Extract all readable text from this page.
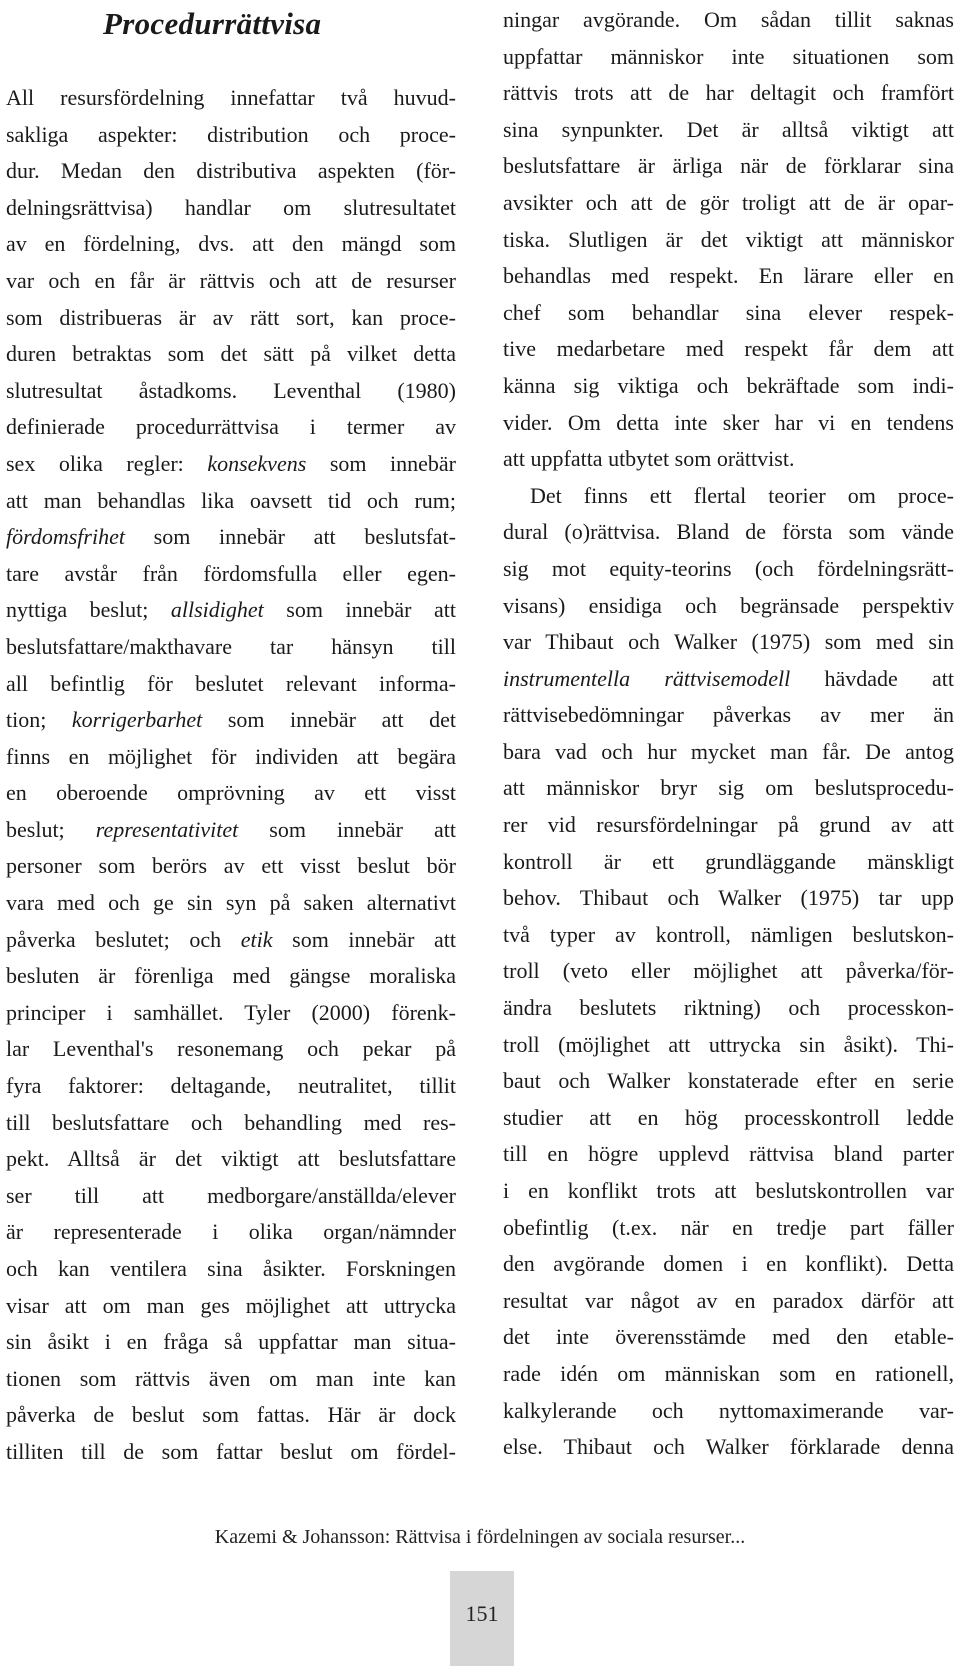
Procedurrättvisa
All resursfördelning innefattar två huvud-
sakliga aspekter: distribution och proce-
dur. Medan den distributiva aspekten (för-
delningsrättvisa) handlar om slutresultatet
av en fördelning, dvs. att den mängd som
var och en får är rättvis och att de resurser
som distribueras är av rätt sort, kan proce-
duren betraktas som det sätt på vilket detta
slutresultat åstadkoms. Leventhal (1980)
definierade procedurrättvisa i termer av
sex olika regler: konsekvens som innebär
att man behandlas lika oavsett tid och rum;
fördomsfrihet som innebär att beslutsfat-
tare avstår från fördomsfulla eller egen-
nyttiga beslut; allsidighet som innebär att
beslutsfattare/makthavare tar hänsyn till
all befintlig för beslutet relevant informa-
tion; korrigerbarhet som innebär att det
finns en möjlighet för individen att begära
en oberoende omprövning av ett visst
beslut; representativitet som innebär att
personer som berörs av ett visst beslut bör
vara med och ge sin syn på saken alternativt
påverka beslutet; och etik som innebär att
besluten är förenliga med gängse moraliska
principer i samhället. Tyler (2000) förenk-
lar Leventhal's resonemang och pekar på
fyra faktorer: deltagande, neutralitet, tillit
till beslutsfattare och behandling med res-
pekt. Alltså är det viktigt att beslutsfattare
ser till att medborgare/anställda/elever
är representerade i olika organ/nämnder
och kan ventilera sina åsikter. Forskningen
visar att om man ges möjlighet att uttrycka
sin åsikt i en fråga så uppfattar man situa-
tionen som rättvis även om man inte kan
påverka de beslut som fattas. Här är dock
tilliten till de som fattar beslut om fördel-
ningar avgörande. Om sådan tillit saknas
uppfattar människor inte situationen som
rättvis trots att de har deltagit och framfört
sina synpunkter. Det är alltså viktigt att
beslutsfattare är ärliga när de förklarar sina
avsikter och att de gör troligt att de är opar-
tiska. Slutligen är det viktigt att människor
behandlas med respekt. En lärare eller en
chef som behandlar sina elever respek-
tive medarbetare med respekt får dem att
känna sig viktiga och bekräftade som indi-
vider. Om detta inte sker har vi en tendens
att uppfatta utbytet som orättvist.
Det finns ett flertal teorier om proce-
dural (o)rättvisa. Bland de första som vände
sig mot equity-teorins (och fördelningsrätt-
visans) ensidiga och begränsade perspektiv
var Thibaut och Walker (1975) som med sin
instrumentella rättvisemodell hävdade att
rättvisebedömningar påverkas av mer än
bara vad och hur mycket man får. De antog
att människor bryr sig om beslutsprocedu-
rer vid resursfördelningar på grund av att
kontroll är ett grundläggande mänskligt
behov. Thibaut och Walker (1975) tar upp
två typer av kontroll, nämligen beslutskon-
troll (veto eller möjlighet att påverka/för-
ändra beslutets riktning) och processkon-
troll (möjlighet att uttrycka sin åsikt). Thi-
baut och Walker konstaterade efter en serie
studier att en hög processkontroll ledde
till en högre upplevd rättvisa bland parter
i en konflikt trots att beslutskontrollen var
obefintlig (t.ex. när en tredje part fäller
den avgörande domen i en konflikt). Detta
resultat var något av en paradox därför att
det inte överensstämde med den etable-
rade idén om människan som en rationell,
kalkylerande och nyttomaximerande var-
else. Thibaut och Walker förklarade denna
Kazemi & Johansson: Rättvisa i fördelningen av sociala resurser...
151
